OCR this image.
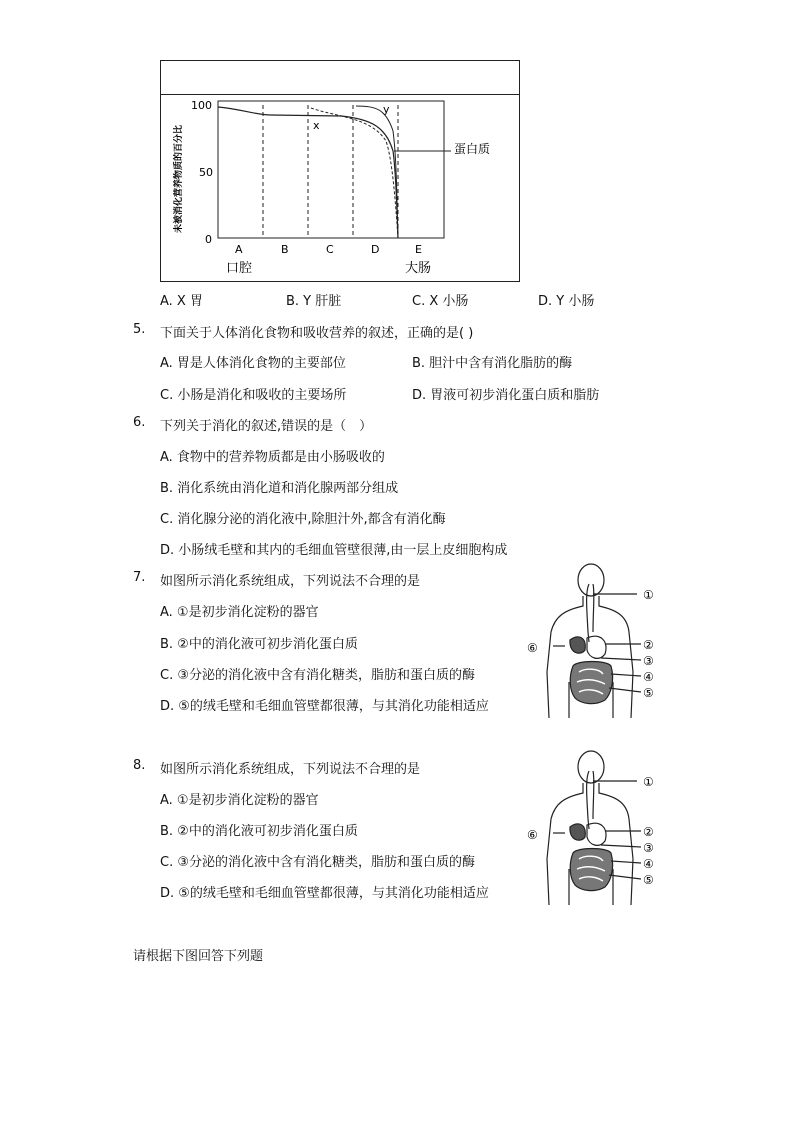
未被消化营养物质的百分比
100
50
0
x
y
蛋白质
A	B	C	D	E
口腔	大肠
A. X 胃	B. Y 肝脏	C. X 小肠	D. Y 小肠
5. 下面关于人体消化食物和吸收营养的叙述，正确的是( )
A. 胃是人体消化食物的主要部位	B. 胆汁中含有消化脂肪的酶
C. 小肠是消化和吸收的主要场所	D. 胃液可初步消化蛋白质和脂肪
6. 下列关于消化的叙述,错误的是（　）
A. 食物中的营养物质都是由小肠吸收的
B. 消化系统由消化道和消化腺两部分组成
C. 消化腺分泌的消化液中,除胆汁外,都含有消化酶
D. 小肠绒毛壁和其内的毛细血管壁很薄,由一层上皮细胞构成
7. 如图所示消化系统组成，下列说法不合理的是
A. ①是初步消化淀粉的器官
B. ②中的消化液可初步消化蛋白质
C. ③分泌的消化液中含有消化糖类，脂肪和蛋白质的酶
D. ⑤的绒毛壁和毛细血管壁都很薄，与其消化功能相适应
①
②
③
④
⑤
⑥
8. 如图所示消化系统组成，下列说法不合理的是
A. ①是初步消化淀粉的器官
B. ②中的消化液可初步消化蛋白质
C. ③分泌的消化液中含有消化糖类，脂肪和蛋白质的酶
D. ⑤的绒毛壁和毛细血管壁都很薄，与其消化功能相适应
①
②
③
④
⑤
⑥
请根据下图回答下列题
